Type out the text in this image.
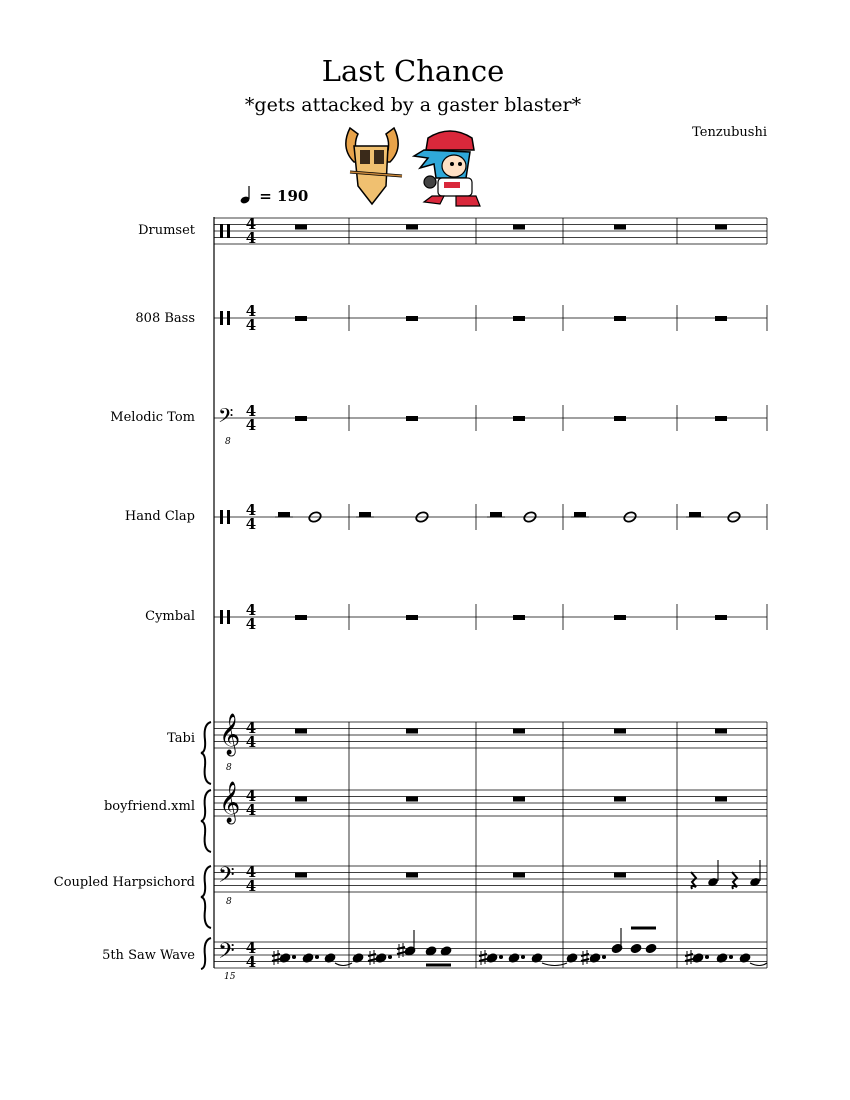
Last Chance
*gets attacked by a gaster blaster*
Tenzubushi
= 190
Drumset
808 Bass
Melodic Tom
Hand Clap
Cymbal
Tabi
boyfriend.xml
Coupled Harpsichord
5th Saw Wave
4
4
4
4
𝄢
8
4
4
4
4
4
4
𝄞
8
4
4
𝄞 4
4
𝄢
8
4
4
𝄢
15
4
4
